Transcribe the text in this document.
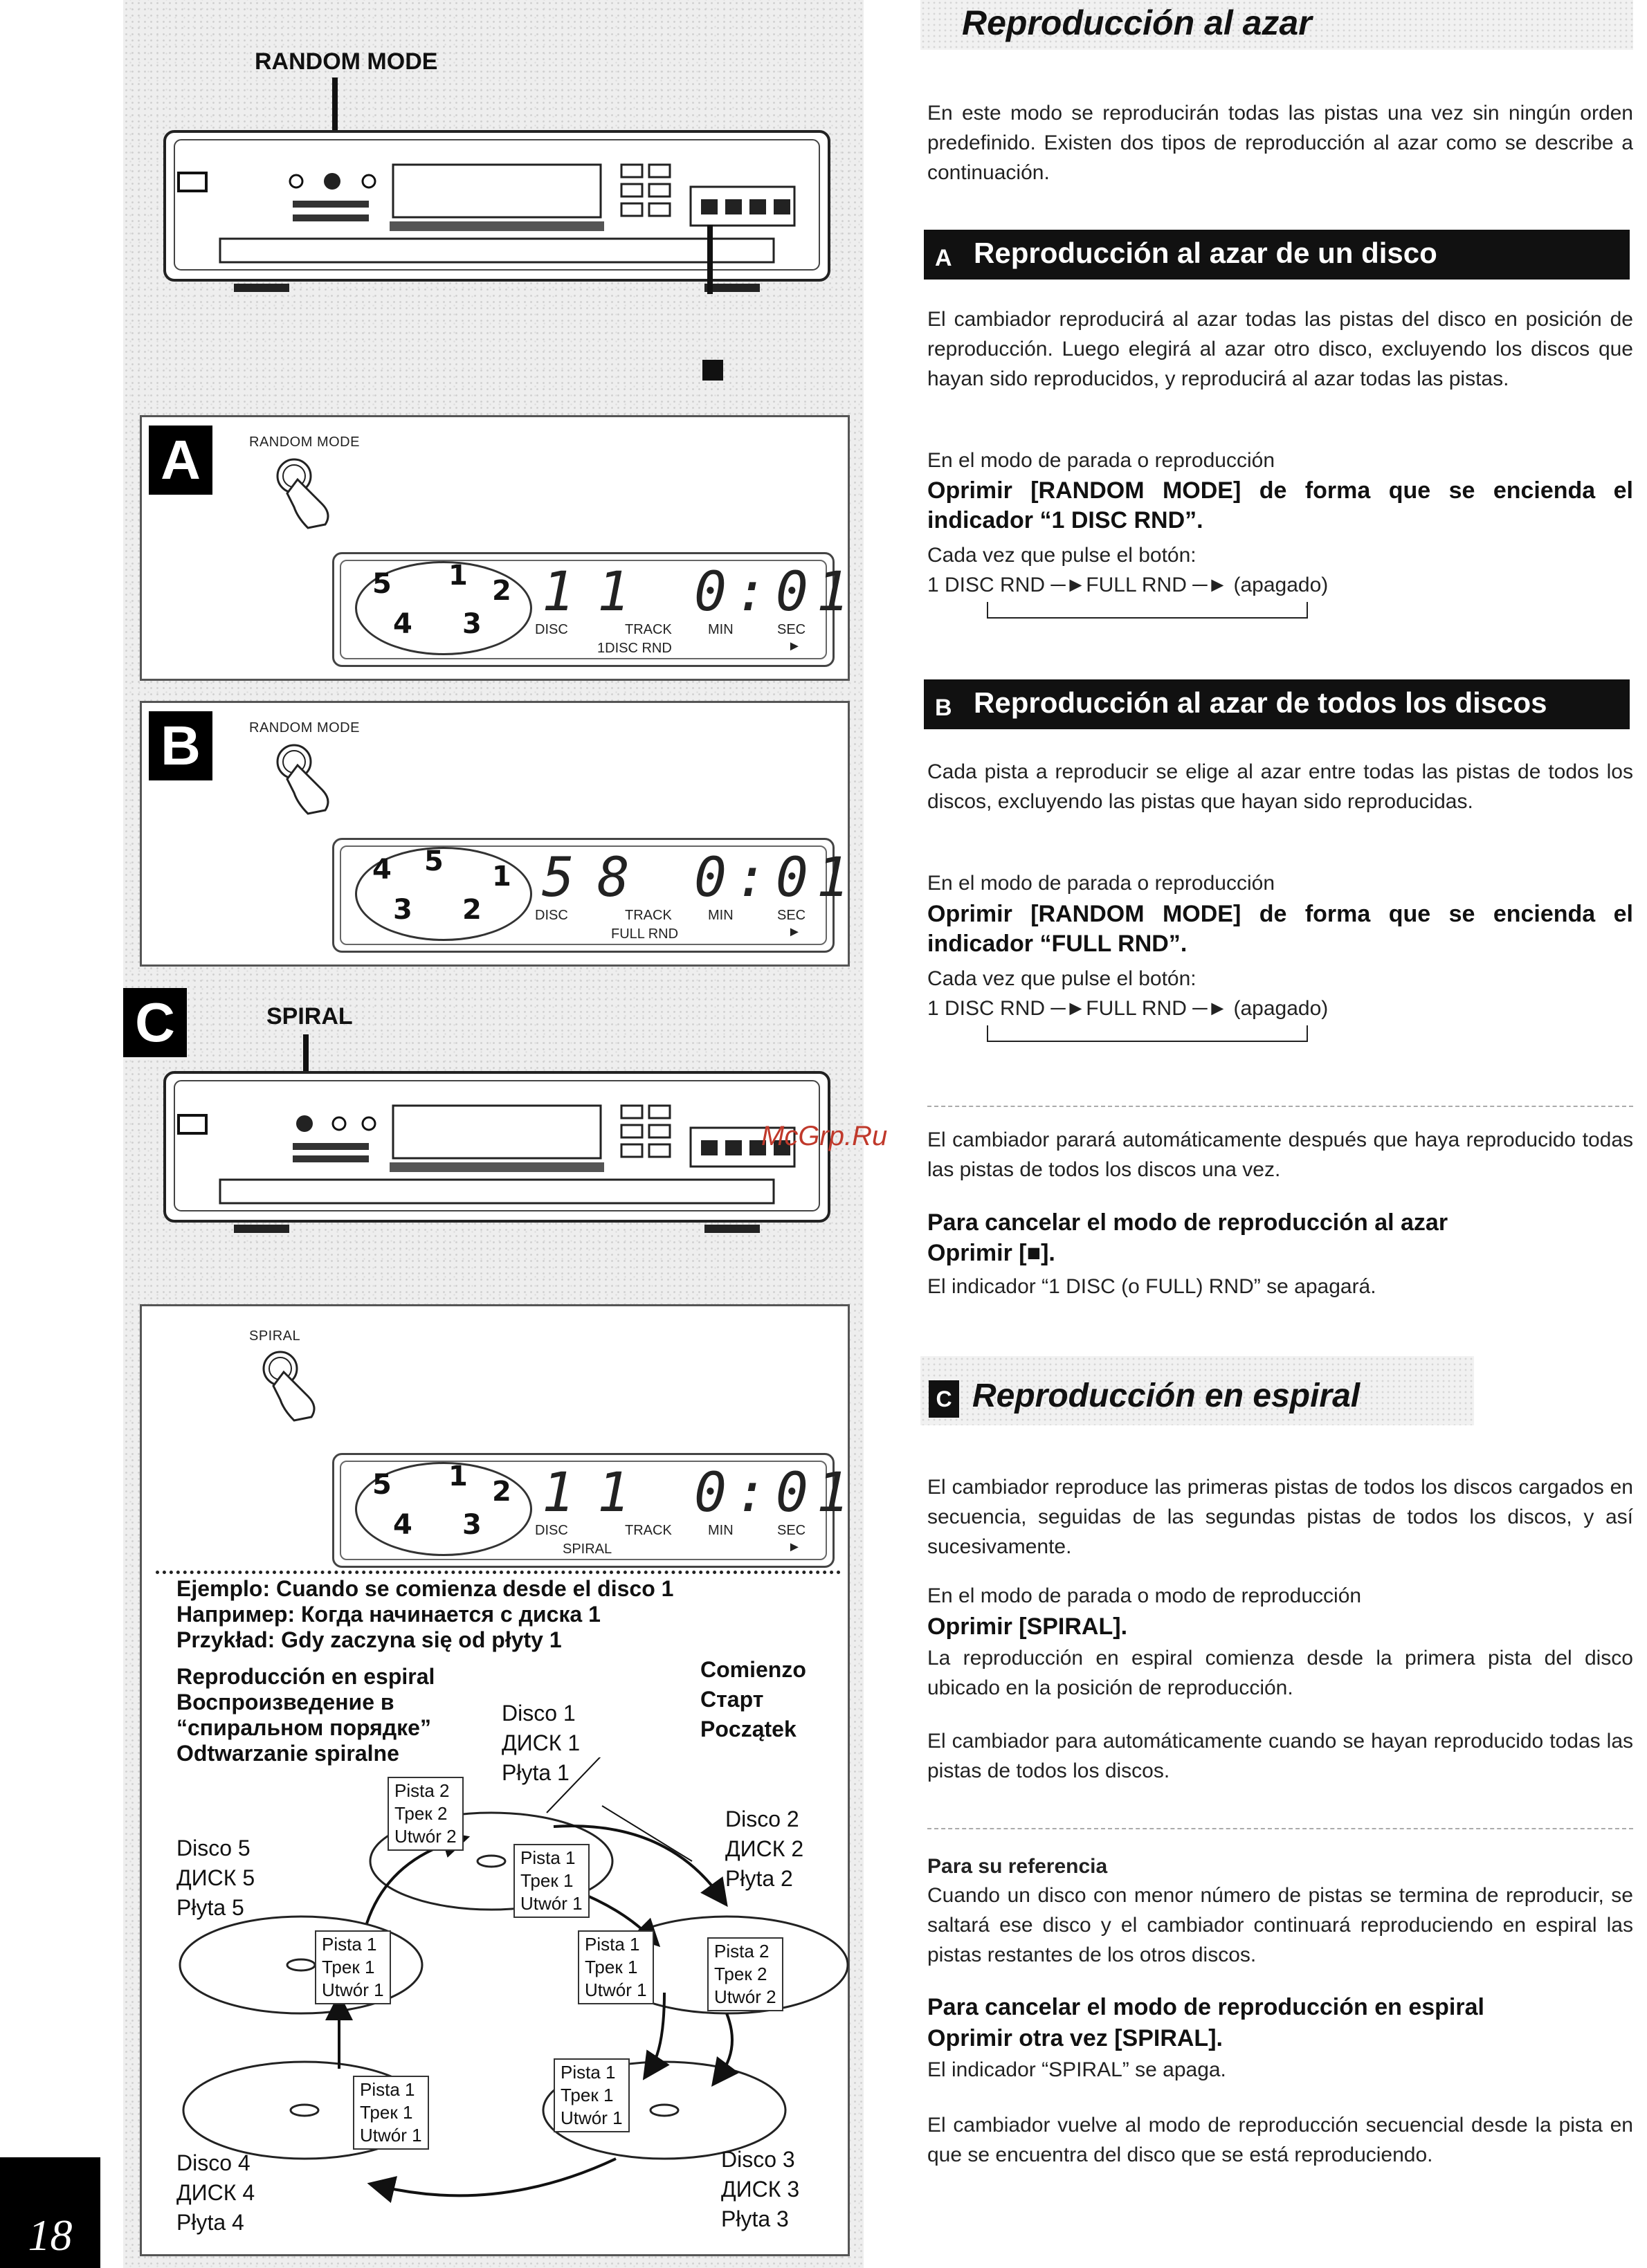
RANDOM MODE
RANDOM MODE
5 1 2
4 3
1
DISC
1
TRACK
0:01
MIN	SEC
1DISC RND	►
A
RANDOM MODE
4 5 1
3 2
5
DISC
8
TRACK
0:01
MIN	SEC
FULL RND	►
B
C	SPIRAL
McGrp.Ru
SPIRAL
5 1 2
4 3
1
DISC
1
TRACK
0:01
MIN	SEC
SPIRAL	►
Ejemplo: Cuando se comienza desde el disco 1
Например: Когда начинается с диска 1
Przykład: Gdy zaczyna się od płyty 1
Reproducción en espiral
Воспроизведение в
“спиральном порядке”
Odtwarzanie spiralne
Comienzo
Старт
Początek
Disco 1
ДИСК 1
Płyta 1
Disco 2
ДИСК 2
Płyta 2
Disco 5
ДИСК 5
Płyta 5
Disco 4
ДИСК 4
Płyta 4
Disco 3
ДИСК 3
Płyta 3
Pista 2
Трек 2
Utwór 2
Pista 1
Трек 1
Utwór 1
Pista 1
Трек 1
Utwór 1
Pista 1
Трек 1
Utwór 1
Pista 2
Трек 2
Utwór 2
Pista 1
Трек 1
Utwór 1
Pista 1
Трек 1
Utwór 1
18
Reproducción al azar
En este modo se reproducirán todas las pistas una vez sin ningún orden predefinido. Existen dos tipos de reproducción al azar como se describe a continuación.
A Reproducción al azar de un disco
El cambiador reproducirá al azar todas las pistas del disco en posición de reproducción. Luego elegirá al azar otro disco, excluyendo los discos que hayan sido reproducidos, y reproducirá al azar todas las pistas.
En el modo de parada o reproducción
Oprimir [RANDOM MODE] de forma que se encienda el indicador “1 DISC RND”.
Cada vez que pulse el botón:
1 DISC RND ─►FULL RND ─► (apagado)
B Reproducción al azar de todos los discos
Cada pista a reproducir se elige al azar entre todas las pistas de todos los discos, excluyendo las pistas que hayan sido reproducidas.
En el modo de parada o reproducción
Oprimir [RANDOM MODE] de forma que se encienda el indicador “FULL RND”.
Cada vez que pulse el botón:
1 DISC RND ─►FULL RND ─► (apagado)
El cambiador parará automáticamente después que haya reproducido todas las pistas de todos los discos una vez.
Para cancelar el modo de reproducción al azar
Oprimir [■].
El indicador “1 DISC (o FULL) RND” se apagará.
C Reproducción en espiral
El cambiador reproduce las primeras pistas de todos los discos cargados en secuencia, seguidas de las segundas pistas de todos los discos, y así sucesivamente.
En el modo de parada o modo de reproducción
Oprimir [SPIRAL].
La reproducción en espiral comienza desde la primera pista del disco ubicado en la posición de reproducción.
El cambiador para automáticamente cuando se hayan reproducido todas las pistas de todos los discos.
Para su referencia
Cuando un disco con menor número de pistas se termina de reproducir, se saltará ese disco y el cambiador continuará reproduciendo en espiral las pistas restantes de los otros discos.
Para cancelar el modo de reproducción en espiral
Oprimir otra vez [SPIRAL].
El indicador “SPIRAL” se apaga.
El cambiador vuelve al modo de reproducción secuencial desde la pista en que se encuentra del disco que se está reproduciendo.
